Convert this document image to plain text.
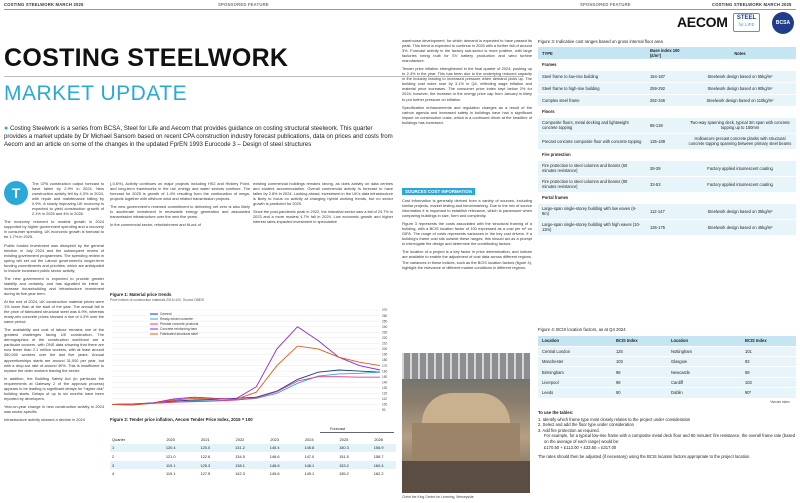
COSTING STEELWORK MARCH 2025	SPONSORED FEATURE	SPONSORED FEATURE	COSTING STEELWORK MARCH 2025
AECOM	STEEL
for LIFE	BCSA
COSTING STEELWORK
MARKET UPDATE
● Costing Steelwork is a series from BCSA, Steel for Life and Aecom that provides guidance on costing structural steelwork. This quarter provides a market update by Dr Michael Sansom based on recent CPA construction industry forecast publications, data on prices and costs from Aecom and an article on some of the changes in the updated FprEN 1993 Eurocode 3 – Design of steel structures
T

The CPA construction output forecast to have fallen by 2.9% in 2024. New construction activity fell by 4.3% in 2024, with repair and maintenance falling by 0.9%. A slowly improving UK economy is expected to yield construction growth of 2.1% in 2025 and 4% in 2026.

The economy returned to modest growth in 2024 supported by higher government spending and a recovery in consumer spending. UK economic growth is forecast to be 1.7% in 2025.

Public funded investment was disrupted by the general election in July 2024 and the subsequent review of existing government programmes. The spending review in spring will set out the Labour government’s longer-term funding commitments and priorities, which are anticipated to include increased public sector activity.

The new government is expected to provide greater stability and certainty, and has signalled its intent to increase housebuilding and infrastructure investment during its five-year term.

At the end of 2024, UK construction material prices were 1% lower than at the start of the year. The annual fall in the price of fabricated structural steel was 6.9%, whereas ready-mix concrete prices showed a rise of 4.3% over the same period.

The availability and cost of labour remains one of the greatest challenges facing UK construction. The demographics of the construction workforce are a particular concern, with ONS data showing that there are now fewer than 2.1 million workers, with at least around 350,000 workers over the last five years. Annual apprenticeships starts are around 31,000 per year, but with a drop-out rate of around 40%. This is insufficient to replace the older workers leaving the sector.

In addition, the Building Safety Act (in particular the requirements at Gateway 2 of the approval process) appears to be leading to significant delays for “higher-risk” building starts. Delays of up to six months have been reported by developers.

Year-on-year change in new construction activity in 2024 was sector-specific.

Infrastructure activity showed a decline in 2024

(-0.6%). Activity continues on major projects including HS2 and Hinkley Point, and long-term frameworks in the rail, energy and water sectors continue. The forecast for 2025 is growth of 1.4% resulting from the continuation of mega-projects together with offshore wind and related transmission projects.

The new government’s renewed commitment to delivering net zero is also likely to accelerate investment in renewable energy generation and associated transmission infrastructure over the next five years.

In the commercial sector, refurbishment and fit-out of

existing commercial buildings remains strong, as does activity on data centres and student accommodation. Overall commercial activity is forecast to have fallen by 2.8% in 2024. Looking ahead, investment in the UK’s data infrastructure is likely to focus on activity at changing hybrid working trends, but no sector growth is predicted for 2025.

Since the post-pandemic peak in 2022, the industrial sector saw a fall of 24.7% in 2023 and a more modest 4.7% fall in 2024. Low economic growth and higher interest rates impacted investment in speculative

Figure 1: Material price trends
Price indices of construction materials 2015=100. Source DBEIS
270
260
250
240
230
220
210
200
190
180
170
160
150
140
130
120
110
100
90
Cement
Ready-mixed concrete
Precast concrete products
Concrete reinforcing bars
Fabricated structural steel
Figure 2: Tender price inflation, Aecom Tender Price Index, 2015 = 100
Forecast
Quarter	2020	2021	2022	2023	2024	2025	2026
1	120.4	120.0	131.2	145.4	145.8	150.3	156.9
2	121.0	122.6	134.5	146.6	147.0	151.5	158.7
3	119.1	125.3	138.1	146.8	148.1	153.2	160.4
4	119.1	127.5	142.3	145.6	149.1	155.2	162.2

warehouse development, for which demand is expected to have passed its peak. This trend is expected to continue in 2025 with a further fall of around 3%. Forecast activity in the factory sub-sector is more positive, with large factories being built for EV battery production and wind turbine manufacture.

Tender price inflation strengthened in the final quarter of 2024, pushing up to 2.4% in the year. This has been due to the underlying reduced capacity in the industry leading to increased pressure when demand picks up. The building cost index rose by 3.1% in Q4, reflecting wage inflation and material price increases. The consumer price index kept below 2% for 2024; however, the increase in the energy price cap from January is likely to put further pressure on inflation.

Specification enhancements and regulation changes as a result of the carbon agenda and increased safety in buildings have had a significant impact on construction costs, which is a continued driver at the headline of buildings has increased.

SOURCES COST INFORMATION

Cost information is generally derived from a variety of sources, including similar projects, market testing and benchmarking. Due to the mix of source information it is important to establish relevance, which is paramount when comparing buildings in size, form and complexity.

Figure 3 represents the costs associated with the structural framing of a building, with a BCIS location factor of 100 expressed as a cost per m² on GIFA. The range of costs represents variances in the key cost drivers. If a building’s frame cost sits outside these ranges, this should act as a prompt to interrogate the design and determine the contributing factors.

The location of a project is a key factor in price determination, and indices are available to enable the adjustment of cost data across different regions. The variances in these indices, such as the BCIS location factors (figure 4), highlight the relevance of different market conditions in different regions.

Christ the King Centre for Learning, Merseyside
Figure 3: Indicative cost ranges based on gross internal floor area
TYPE	Base index 100 (£/m²)	Notes
Frames		
Steel frame to low-rise building	154-187	Steelwork design based on 55kg/m²
Steel frame to high-rise building	259-292	Steelwork design based on 90kg/m²
Complex steel frame	292-346	Steelwork design based on 110kg/m²
Floors		
Composite floors, metal decking and lightweight concrete topping	88-138	Two-way spanning deck, typical 3m span with concrete topping up to 150mm
Precast concrete composite floor with concrete topping	135-189	Hollowcore precast concrete planks with structural concrete topping spanning between primary steel beams
Fire protection		
Fire protection to steel columns and beams (60 minutes resistance)	28-39	Factory applied intumescent coating
Fire protection to steel columns and beams (90 minutes resistance)	33-53	Factory applied intumescent coating
Portal frames		
Large-span single-storey building with low eaves (6-8m)	112-147	Steelwork design based on 35kg/m²
Large-span single-storey building with high eaves (10-13m)	136-175	Steelwork design based on 45kg/m²
Figure 4: BCIS location factors, as at Q4 2024
Location	BCIS Index	Location	BCIS Index
Central London	125	Nottingham	101
Manchester	103	Glasgow	93
Birmingham	98	Newcastle	89
Liverpool	98	Cardiff	103
Leeds	90	Dublin	90*
*Aecom index
To use the tables:
1. Identify which frame type most closely relates to the project under consideration
2. Select and add the floor type under consideration
3. Add fire protection as required.
For example, for a typical low-rise frame with a composite metal deck floor and 60 minutes’ fire resistance, the overall frame rate (based on the average of each range) would be:
£170.50 + £113.00 + £33.50 = £317.00
The rates should then be adjusted (if necessary) using the BCIS location factors appropriate to the project location.
